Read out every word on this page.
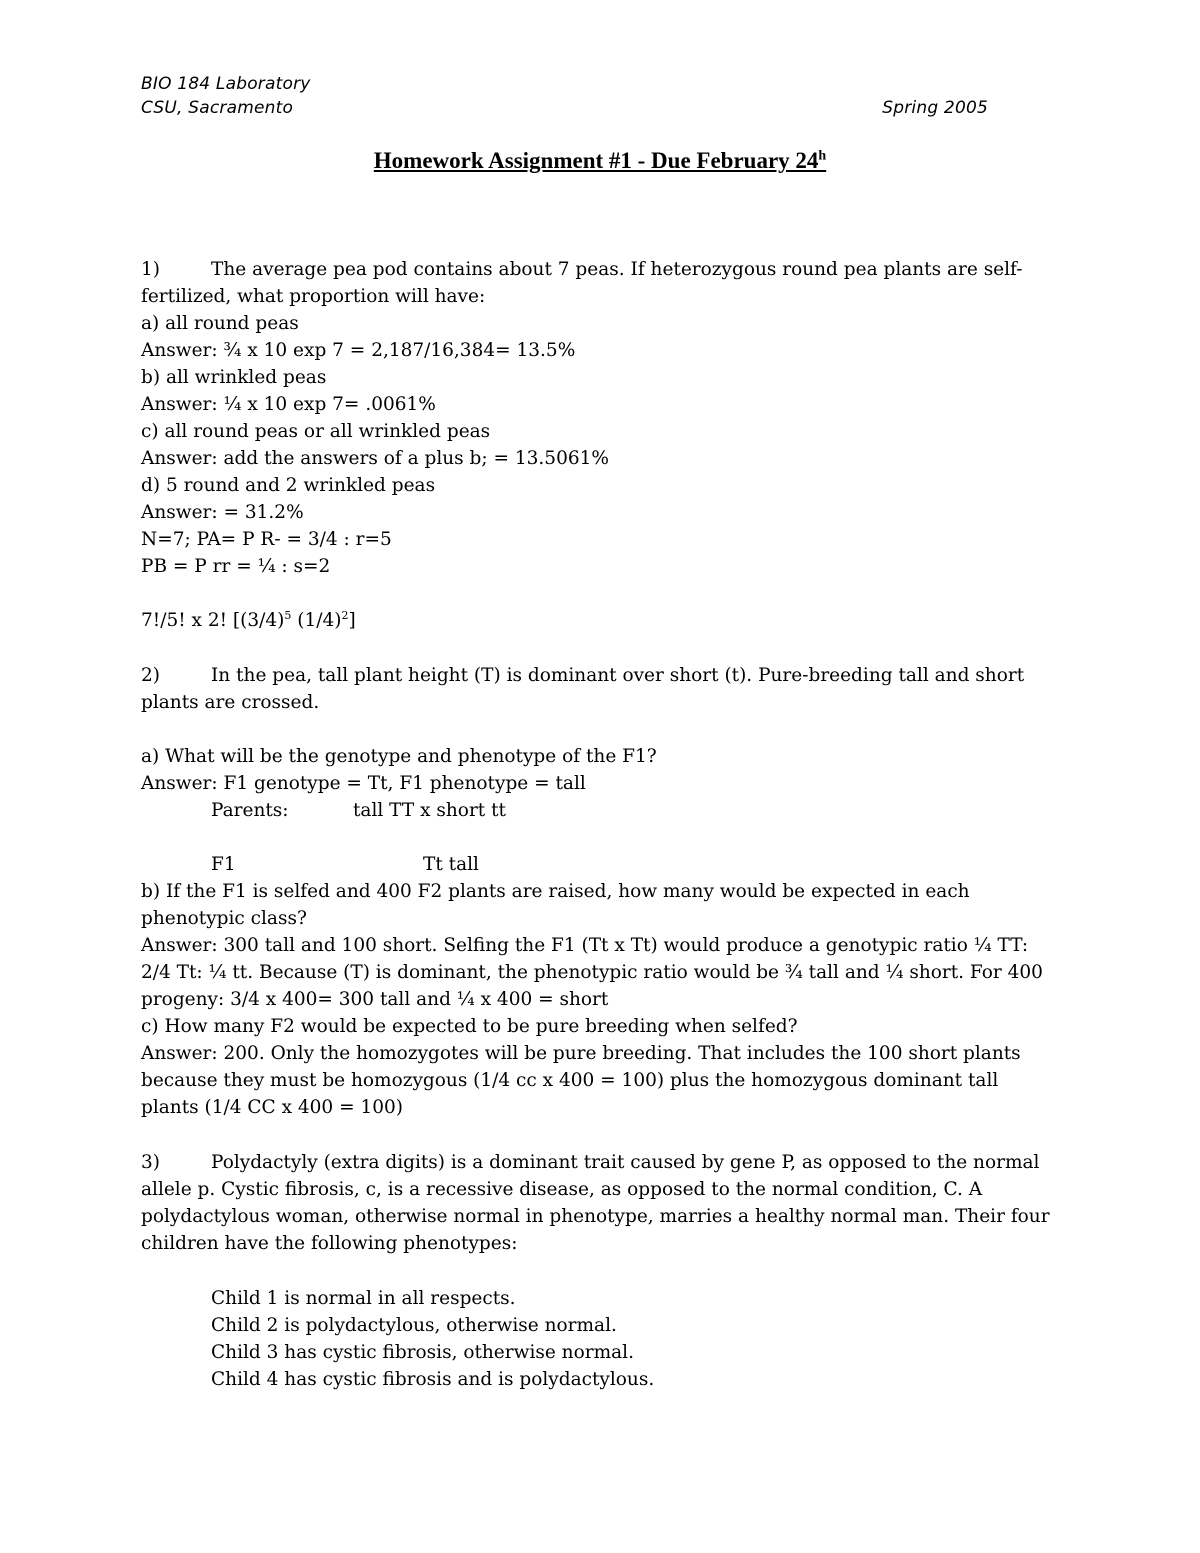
BIO 184 Laboratory
CSU, Sacramento	Spring 2005
Homework Assignment #1 - Due February 24$^h$
1)	The average pea pod contains about 7 peas. If heterozygous round pea plants are self-
fertilized, what proportion will have:
a) all round peas
Answer: ¾ x 10 exp 7 = 2,187/16,384= 13.5%
b) all wrinkled peas
Answer: ¼ x 10 exp 7= .0061%
c) all round peas or all wrinkled peas
Answer: add the answers of a plus b; = 13.5061%
d) 5 round and 2 wrinkled peas
Answer: = 31.2%
N=7; PA= P R- = 3/4 : r=5
PB = P rr = ¼ : s=2
7!/5! x 2! [$(3/4)^5$ $(1/4)^2$]
2)	In the pea, tall plant height (T) is dominant over short (t). Pure-breeding tall and short
plants are crossed.
a) What will be the genotype and phenotype of the F1?
Answer: F1 genotype = Tt, F1 phenotype = tall
Parents:	tall TT x short tt
F1	Tt tall
b) If the F1 is selfed and 400 F2 plants are raised, how many would be expected in each
phenotypic class?
Answer: 300 tall and 100 short. Selfing the F1 (Tt x Tt) would produce a genotypic ratio ¼ TT:
2/4 Tt: ¼ tt. Because (T) is dominant, the phenotypic ratio would be ¾ tall and ¼ short. For 400
progeny: 3/4 x 400= 300 tall and ¼ x 400 = short
c) How many F2 would be expected to be pure breeding when selfed?
Answer: 200. Only the homozygotes will be pure breeding. That includes the 100 short plants
because they must be homozygous (1/4 cc x 400 = 100) plus the homozygous dominant tall
plants (1/4 CC x 400 = 100)
3)	Polydactyly (extra digits) is a dominant trait caused by gene P, as opposed to the normal
allele p. Cystic fibrosis, c, is a recessive disease, as opposed to the normal condition, C. A
polydactylous woman, otherwise normal in phenotype, marries a healthy normal man. Their four
children have the following phenotypes:
Child 1 is normal in all respects.
Child 2 is polydactylous, otherwise normal.
Child 3 has cystic fibrosis, otherwise normal.
Child 4 has cystic fibrosis and is polydactylous.
